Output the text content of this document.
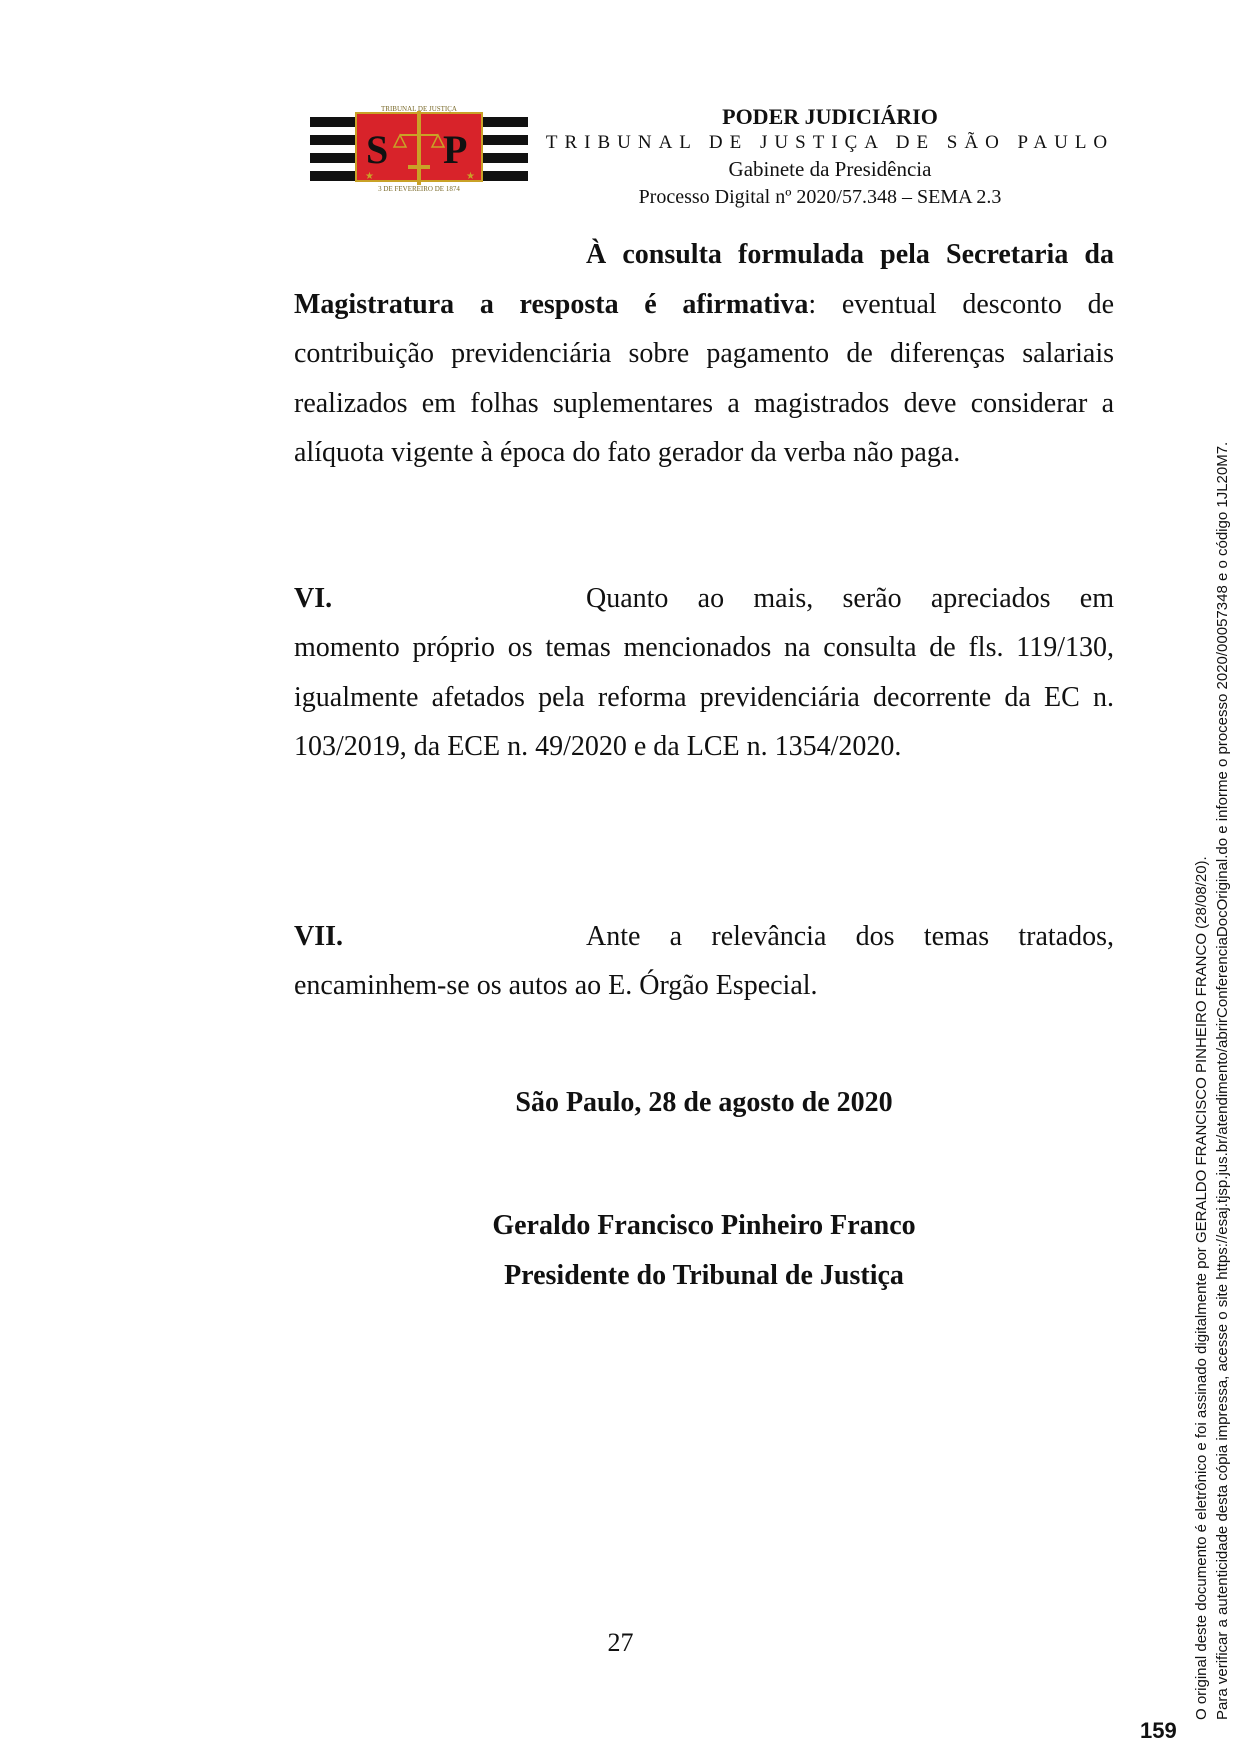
★	★
S P
TRIBUNAL DE JUSTIÇA
3 DE FEVEREIRO DE 1874
PODER JUDICIÁRIO
TRIBUNAL DE JUSTIÇA DE SÃO PAULO
Gabinete da Presidência
Processo Digital nº 2020/57.348 – SEMA 2.3

À consulta formulada pela Secretaria da Magistratura a resposta é afirmativa: eventual desconto de contribuição previdenciária sobre pagamento de diferenças salariais realizados em folhas suplementares a magistrados deve considerar a alíquota vigente à época do fato gerador da verba não paga.

VI.	Quanto ao mais, serão apreciados em momento próprio os temas mencionados na consulta de fls. 119/130, igualmente afetados pela reforma previdenciária decorrente da EC n. 103/2019, da ECE n. 49/2020 e da LCE n. 1354/2020.

VII.	Ante a relevância dos temas tratados, encaminhem-se os autos ao E. Órgão Especial.

São Paulo, 28 de agosto de 2020
Geraldo Francisco Pinheiro Franco
Presidente do Tribunal de Justiça
27	O original deste documento é eletrônico e foi assinado digitalmente por GERALDO FRANCISCO PINHEIRO FRANCO (28/08/20). Para verificar a autenticidade desta cópia impressa, acesse o site https://esaj.tjsp.jus.br/atendimento/abrirConferenciaDocOriginal.do e informe o processo 2020/00057348 e o código 1JL20M7.
159
